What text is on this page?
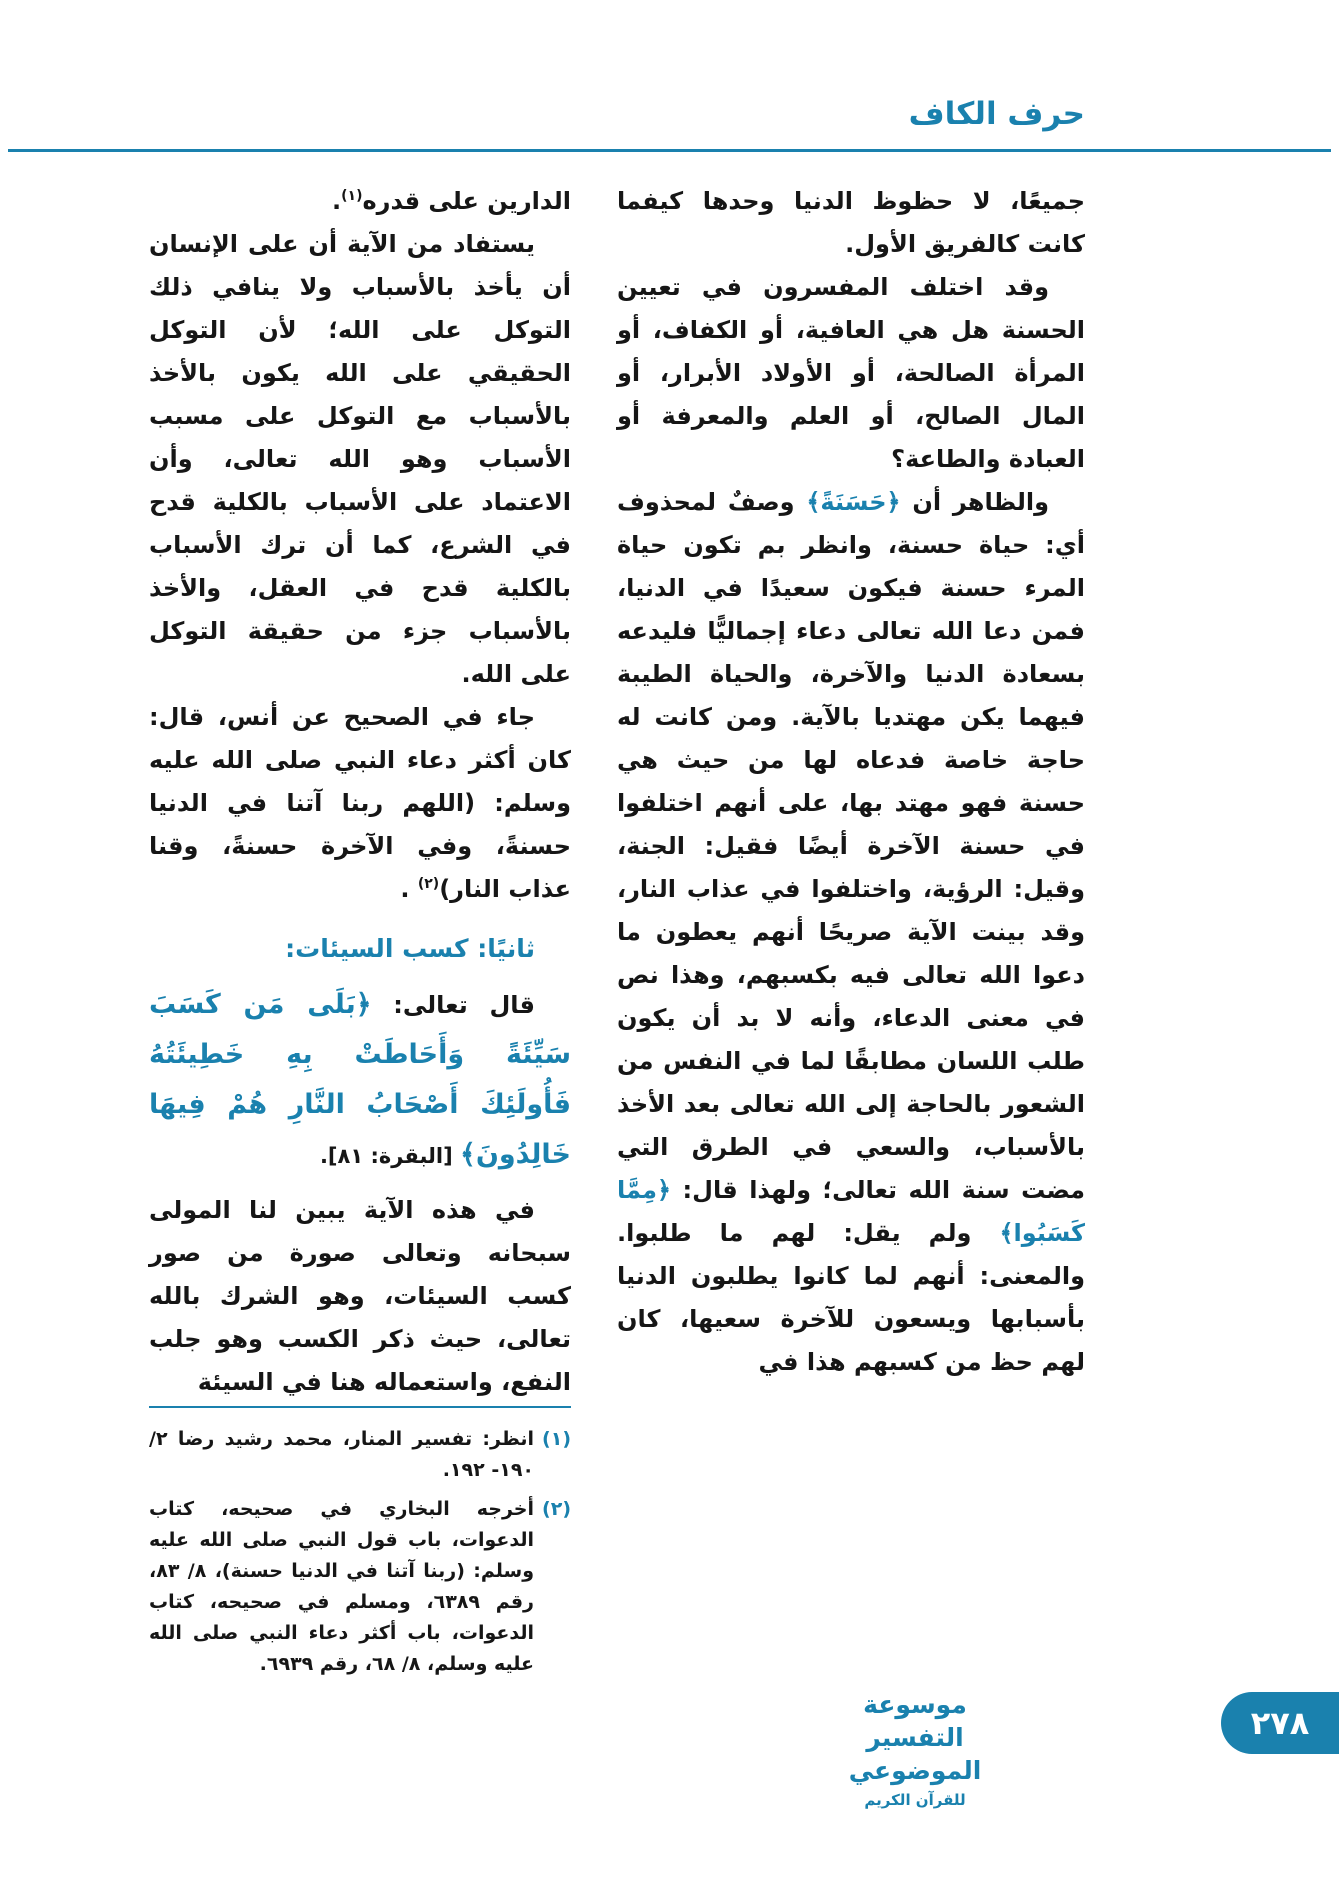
حرف الكاف

جميعًا، لا حظوظ الدنيا وحدها كيفما كانت كالفريق الأول.

وقد اختلف المفسرون في تعيين الحسنة هل هي العافية، أو الكفاف، أو المرأة الصالحة، أو الأولاد الأبرار، أو المال الصالح، أو العلم والمعرفة أو العبادة والطاعة؟

والظاهر أن ﴿حَسَنَةً﴾ وصفٌ لمحذوف أي: حياة حسنة، وانظر بم تكون حياة المرء حسنة فيكون سعيدًا في الدنيا، فمن دعا الله تعالى دعاء إجماليًّا فليدعه بسعادة الدنيا والآخرة، والحياة الطيبة فيهما يكن مهتديا بالآية. ومن كانت له حاجة خاصة فدعاه لها من حيث هي حسنة فهو مهتد بها، على أنهم اختلفوا في حسنة الآخرة أيضًا فقيل: الجنة، وقيل: الرؤية، واختلفوا في عذاب النار، وقد بينت الآية صريحًا أنهم يعطون ما دعوا الله تعالى فيه بكسبهم، وهذا نص في معنى الدعاء، وأنه لا بد أن يكون طلب اللسان مطابقًا لما في النفس من الشعور بالحاجة إلى الله تعالى بعد الأخذ بالأسباب، والسعي في الطرق التي مضت سنة الله تعالى؛ ولهذا قال: ﴿مِمَّا كَسَبُوا﴾ ولم يقل: لهم ما طلبوا. والمعنى: أنهم لما كانوا يطلبون الدنيا بأسبابها ويسعون للآخرة سعيها، كان لهم حظ من كسبهم هذا في

الدارين على قدره$^{(١)}$.

يستفاد من الآية أن على الإنسان أن يأخذ بالأسباب ولا ينافي ذلك التوكل على الله؛ لأن التوكل الحقيقي على الله يكون بالأخذ بالأسباب مع التوكل على مسبب الأسباب وهو الله تعالى، وأن الاعتماد على الأسباب بالكلية قدح في الشرع، كما أن ترك الأسباب بالكلية قدح في العقل، والأخذ بالأسباب جزء من حقيقة التوكل على الله.

جاء في الصحيح عن أنس، قال: كان أكثر دعاء النبي صلى الله عليه وسلم: (اللهم ربنا آتنا في الدنيا حسنةً، وفي الآخرة حسنةً، وقنا عذاب النار)$^{(٢)}$ .

ثانيًا: كسب السيئات:

قال تعالى: ﴿بَلَى مَن كَسَبَ سَيِّئَةً وَأَحَاطَتْ بِهِ خَطِيئَتُهُ فَأُولَئِكَ أَصْحَابُ النَّارِ هُمْ فِيهَا خَالِدُونَ﴾ [البقرة: ٨١].

في هذه الآية يبين لنا المولى سبحانه وتعالى صورة من صور كسب السيئات، وهو الشرك بالله تعالى، حيث ذكر الكسب وهو جلب النفع، واستعماله هنا في السيئة

(١)
انظر: تفسير المنار، محمد رشيد رضا ٢/ ١٩٠- ١٩٢.
(٢)
أخرجه البخاري في صحيحه، كتاب الدعوات، باب قول النبي صلى الله عليه وسلم: (ربنا آتنا في الدنيا حسنة)، ٨/ ٨٣، رقم ٦٣٨٩، ومسلم في صحيحه، كتاب الدعوات، باب أكثر دعاء النبي صلى الله عليه وسلم، ٨/ ٦٨، رقم ٦٩٣٩.
موسوعة التفسير الموضوعي
للقرآن الكريم
٢٧٨
